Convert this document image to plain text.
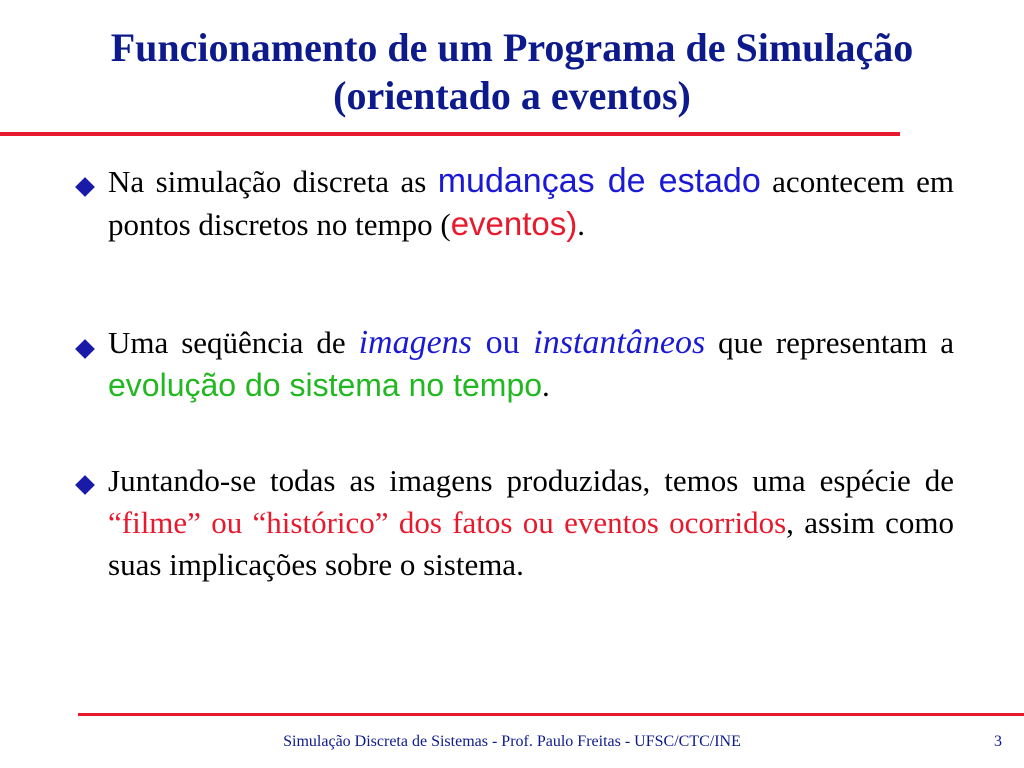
Funcionamento de um Programa de Simulação
(orientado a eventos)
Na simulação discreta as mudanças de estado acontecem em pontos discretos no tempo (eventos).
Uma seqüência de imagens ou instantâneos que representam a evolução do sistema no tempo.
Juntando-se todas as imagens produzidas, temos uma espécie de “filme” ou “histórico” dos fatos ou eventos ocorridos, assim como suas implicações sobre o sistema.
Simulação Discreta de Sistemas - Prof. Paulo Freitas - UFSC/CTC/INE	3
